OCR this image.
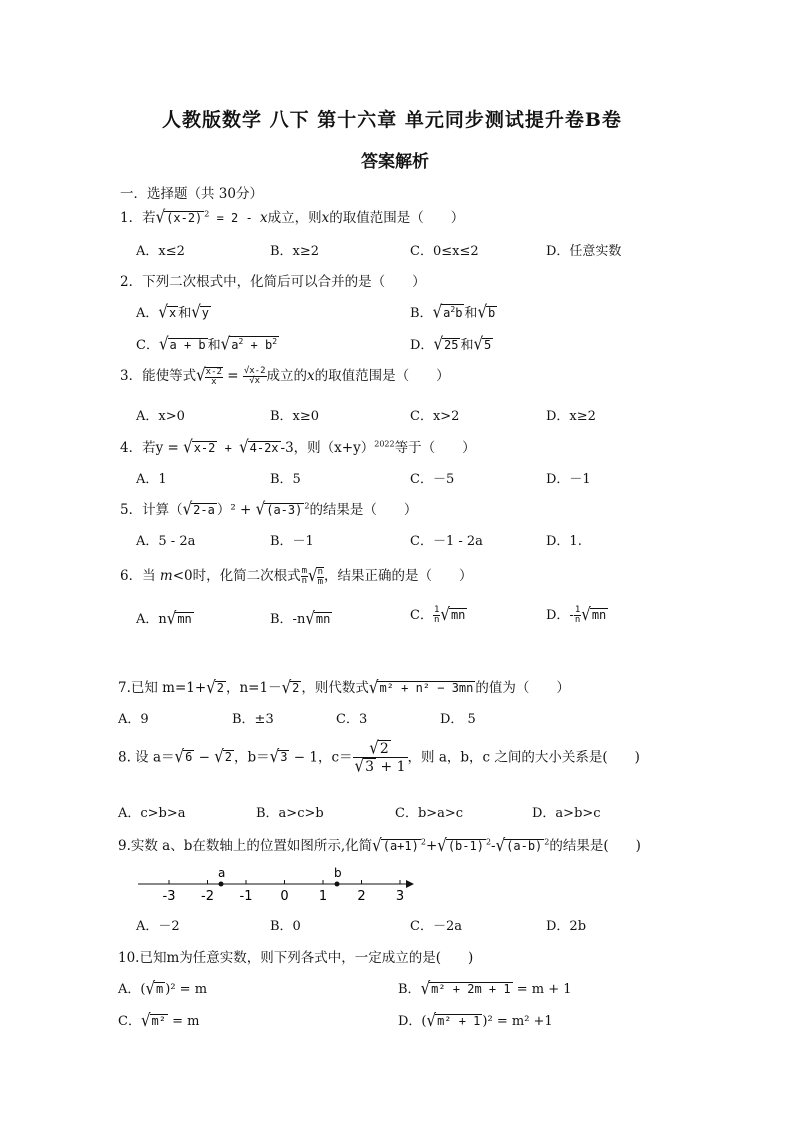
人教版数学 八下 第十六章 单元同步测试提升卷B卷
答案解析
一．选择题（共 30分）
1．若√(x-2) $^2$ = 2 - x成立，则x的取值范围是（　　）
A．x≤2	B．x≥2	C．0≤x≤2	D．任意实数
2．下列二次根式中，化简后可以合并的是（　　）
A．√x 和√y	B．$√a^2b$ 和√b
C．√a + b 和$√a^2 + b^2$	D．√25 和√5
3．能使等式√ $\frac{x-2}{x} = \frac{√x-2}{√x}$ 成立的x的取值范围是（　　）
A．x>0	B．x≥0	C．x>2	D．x≥2
4．若y = √x-2 + √4-2x -3，则$(x+y)^{2022}$等于（　　）
A．1	B．5	C．－5	D．－1
5．计算（√2-a ）² + √(a-3) $^2$的结果是（　　）
A．5 - 2a	B．－1	C．－1 - 2a	D．1.
6．当 m<0时，化简二次根式 $\frac{m}{n}$ √ $\frac{n}{m}$ ，结果正确的是（　　）
A．n√mn	B．-n√mn	C． $\frac{1}{n} √mn$	D．- $\frac{1}{n} √mn$
7.已知 m=1+√2 ，n=1－√2 ，则代数式√m² + n² − 3mn 的值为（　　）
A．9	B．±3	C．3	D． 5
8. 设 a＝√6 − √2 ，b＝√3 − 1，$c= \frac{√2}{√3 + 1}$ ，则 a，b，c 之间的大小关系是(　　)
A．c>b>a	B．a>c>b	C．b>a>c	D．a>b>c
9.实数 a、b在数轴上的位置如图所示,化简√(a+1) $^2$+√(b-1) $^2$-√(a-b) $^2$的结果是(　　)
-3 -2 -1 0 1 2 3
a	b
A．－2	B．0	C．－2a	D．2b
10.已知m为任意实数，则下列各式中，一定成立的是(　　)
A．(√m )² = m	B．√m² + 2m + 1 = m + 1
C．√m² = m	D．(√m² + 1 )² = m² +1
